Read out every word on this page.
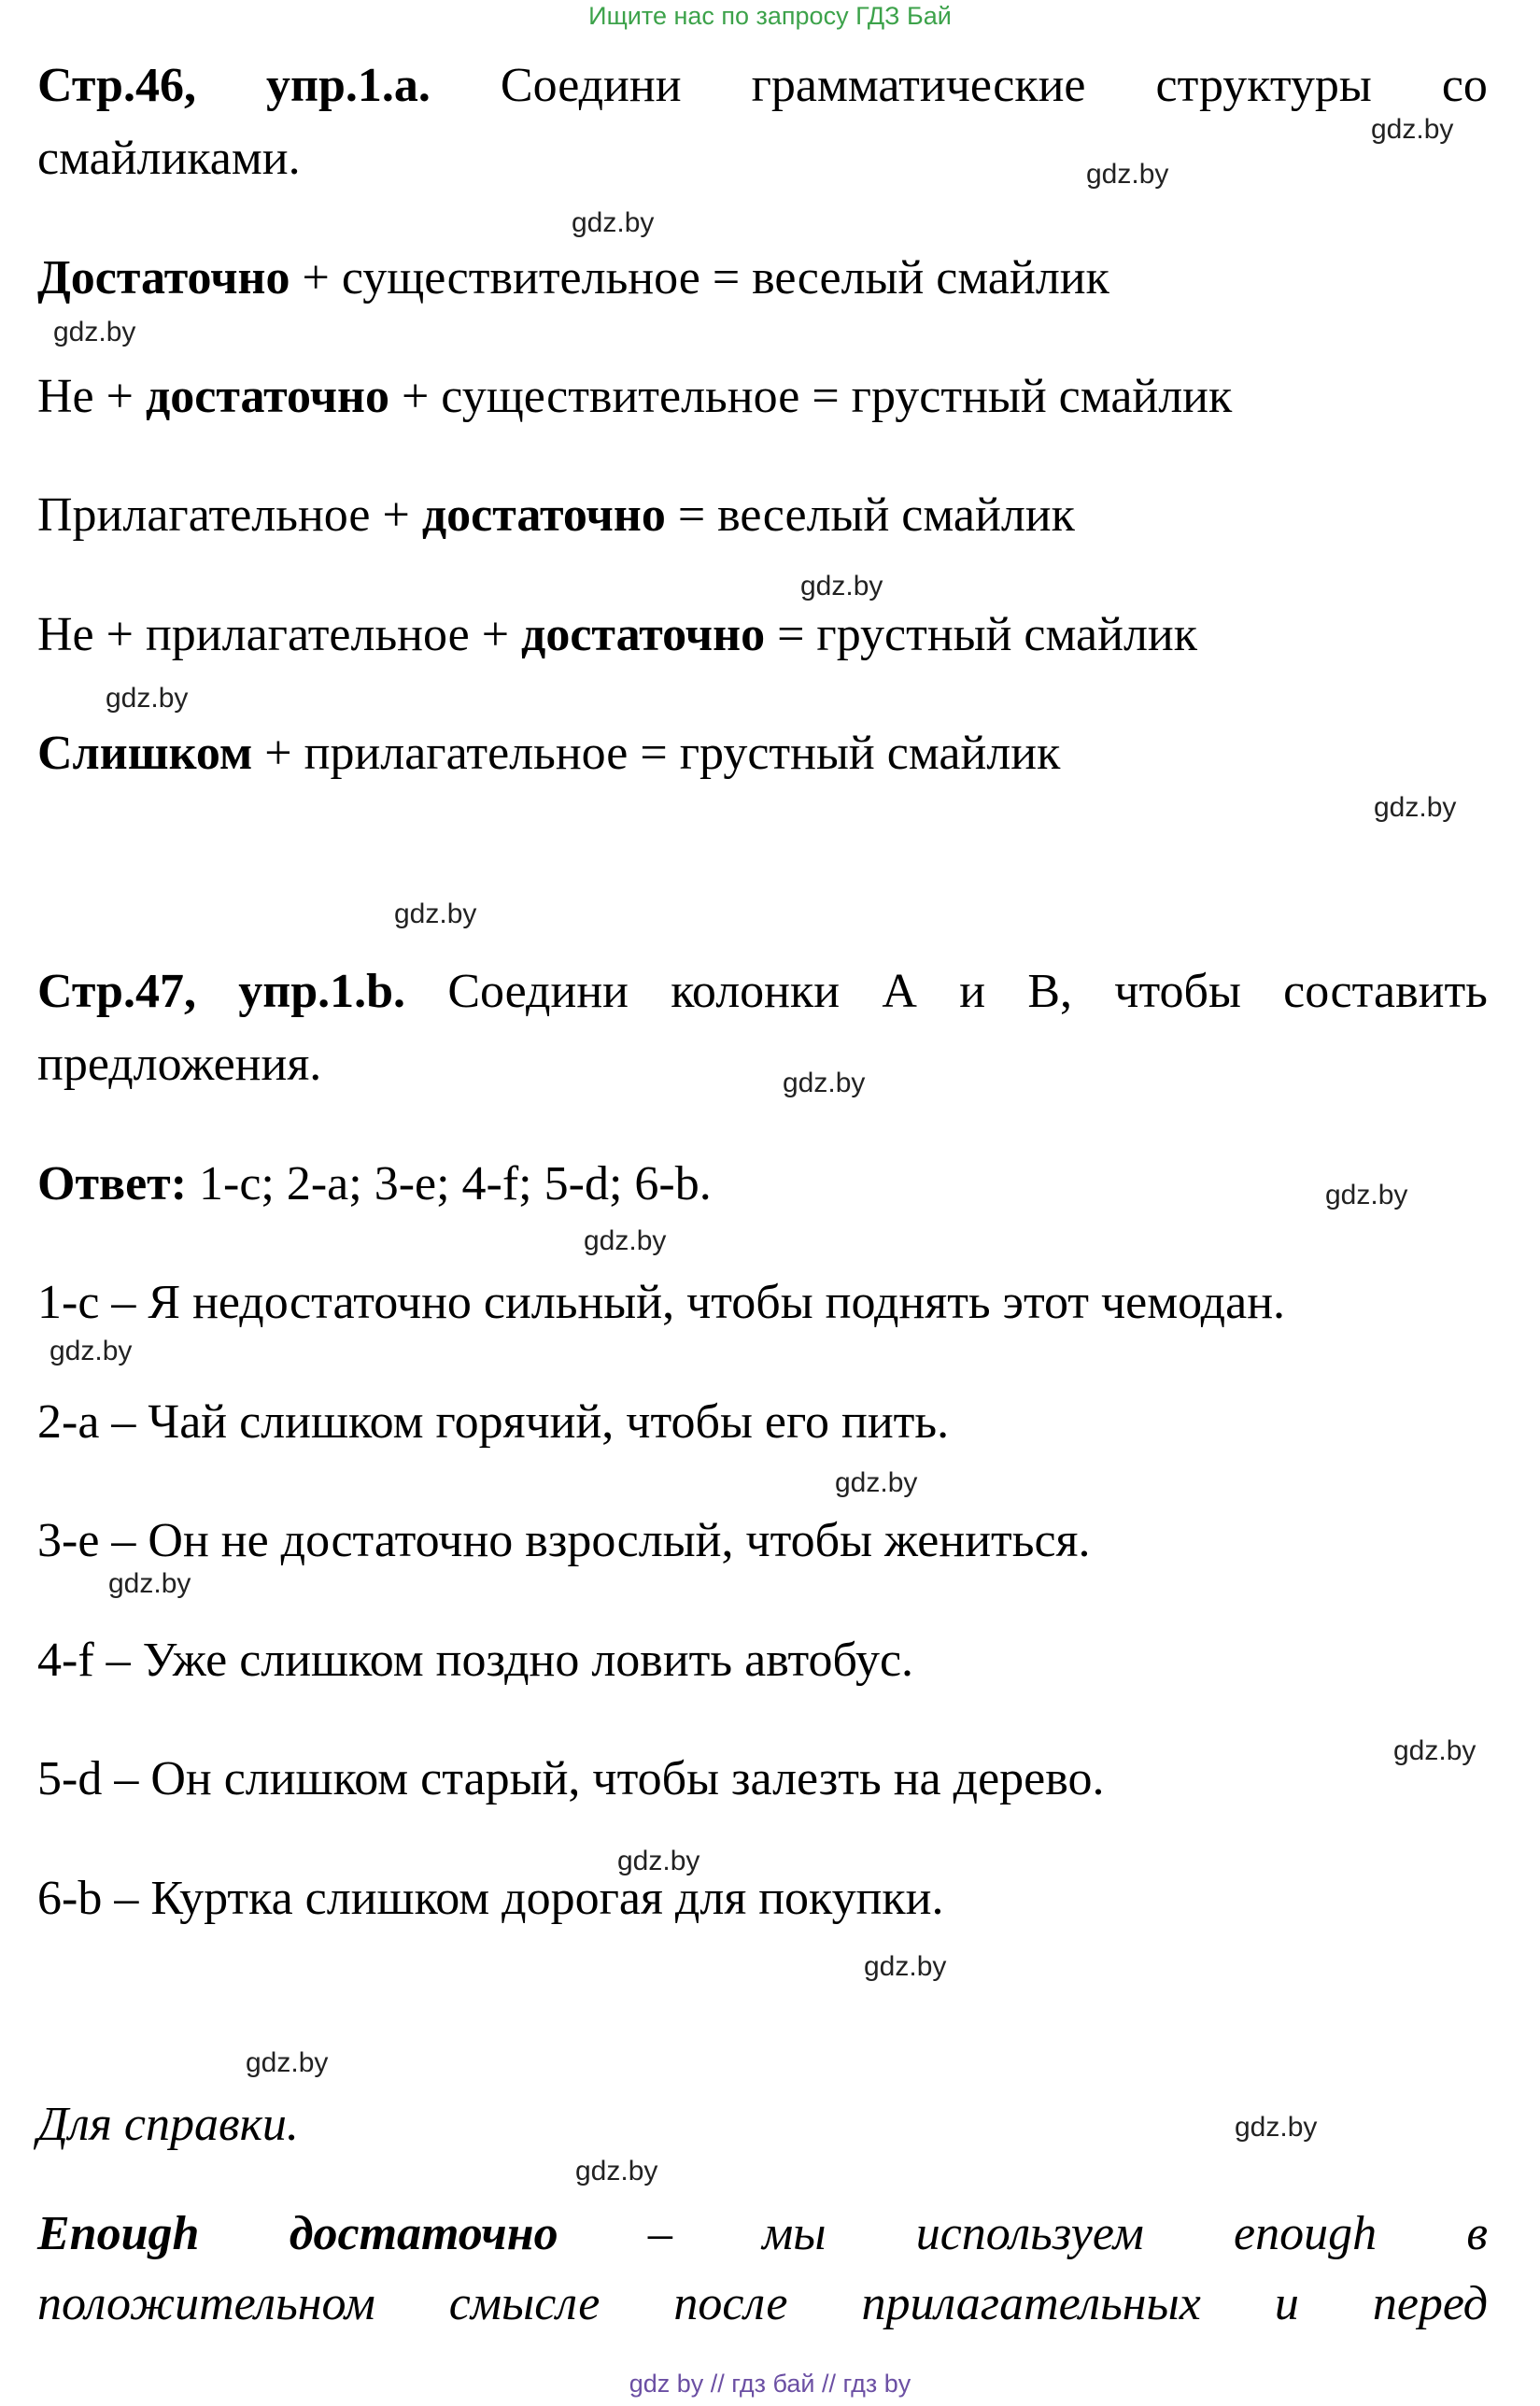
Ищите нас по запросу ГДЗ Бай
Стр.46, упр.1.а. Соедини грамматические структуры со
смайликами.
Достаточно + существительное = веселый смайлик
Не + достаточно + существительное = грустный смайлик
Прилагательное + достаточно = веселый смайлик
Не + прилагательное + достаточно = грустный смайлик
Слишком + прилагательное = грустный смайлик
Стр.47, упр.1.b. Соедини колонки А и В, чтобы составить
предложения.
Ответ: 1-c; 2-a; 3-e; 4-f; 5-d; 6-b.
1-c – Я недостаточно сильный, чтобы поднять этот чемодан.
2-a – Чай слишком горячий, чтобы его пить.
3-e – Он не достаточно взрослый, чтобы жениться.
4-f – Уже слишком поздно ловить автобус.
5-d – Он слишком старый, чтобы залезть на дерево.
6-b – Куртка слишком дорогая для покупки.
Для справки.
Enough достаточно – мы используем enough в
положительном смысле после прилагательных и перед
gdz.by
gdz.by
gdz.by
gdz.by
gdz.by
gdz.by
gdz.by
gdz.by
gdz.by
gdz.by
gdz.by
gdz.by
gdz.by
gdz.by
gdz.by
gdz.by
gdz.by
gdz.by
gdz.by
gdz.by
gdz by // гдз бай // гдз by
